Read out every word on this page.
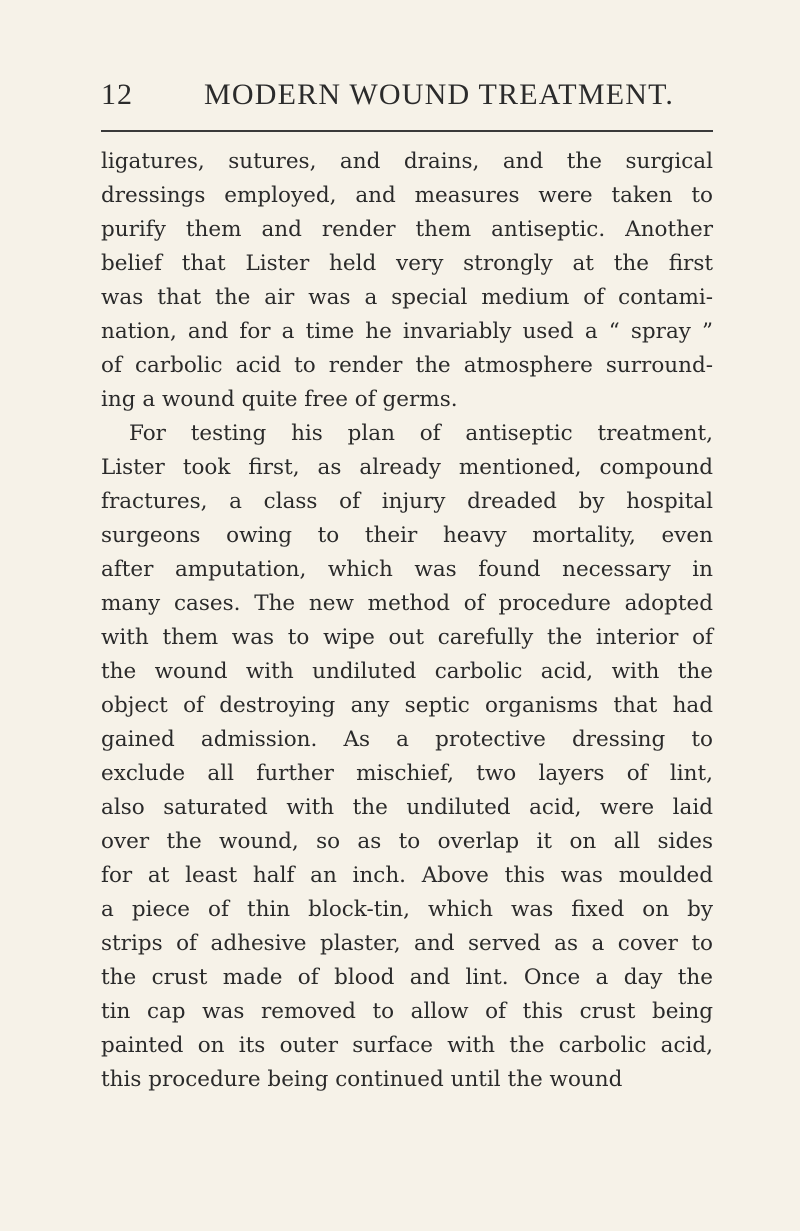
12 MODERN WOUND TREATMENT.
ligatures, sutures, and drains, and the surgical
dressings employed, and measures were taken to
purify them and render them antiseptic. Another
belief that Lister held very strongly at the first
was that the air was a special medium of contami-
nation, and for a time he invariably used a “ spray ”
of carbolic acid to render the atmosphere surround-
ing a wound quite free of germs.
For testing his plan of antiseptic treatment,
Lister took first, as already mentioned, compound
fractures, a class of injury dreaded by hospital
surgeons owing to their heavy mortality, even
after amputation, which was found necessary in
many cases. The new method of procedure adopted
with them was to wipe out carefully the interior of
the wound with undiluted carbolic acid, with the
object of destroying any septic organisms that had
gained admission. As a protective dressing to
exclude all further mischief, two layers of lint,
also saturated with the undiluted acid, were laid
over the wound, so as to overlap it on all sides
for at least half an inch. Above this was moulded
a piece of thin block-tin, which was fixed on by
strips of adhesive plaster, and served as a cover to
the crust made of blood and lint. Once a day the
tin cap was removed to allow of this crust being
painted on its outer surface with the carbolic acid,
this procedure being continued until the wound
